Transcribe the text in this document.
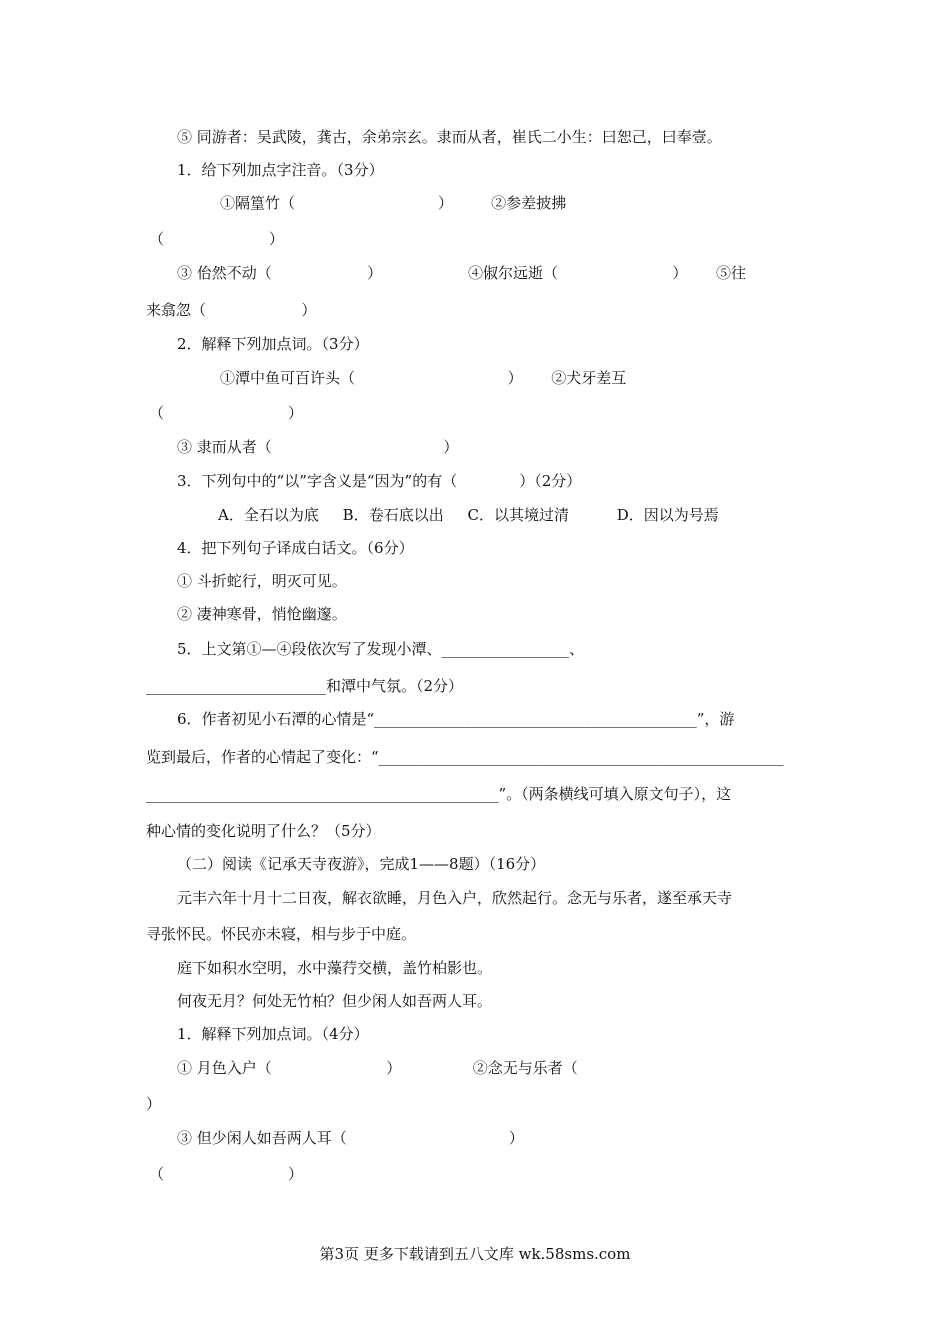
⑤ 同游者：吴武陵，龚古，余弟宗玄。隶而从者，崔氏二小生：曰恕己，曰奉壹。
1．给下列加点字注音。（3分）
①隔篁竹（                              ）        ②参差披拂
（                      ）
③ 佁然不动（                    ）                  ④俶尔远逝（                        ）      ⑤往
来翕忽（                    ）
2．解释下列加点词。（3分）
①潭中鱼可百许头（                                ）      ②犬牙差互
（                          ）
③ 隶而从者（                                    ）
3．下列句中的“以”字含义是“因为”的有（             ）（2分）
A．全石以为底     B．卷石底以出     C．以其境过清          D．因以为号焉
4．把下列句子译成白话文。（6分）
① 斗折蛇行，明灭可见。
② 凄神寒骨，悄怆幽邃。
5．上文第①—④段依次写了发现小潭、_________________、
________________________和潭中气氛。（2分）
6．作者初见小石潭的心情是“___________________________________________”，游
览到最后，作者的心情起了变化：“______________________________________________________
_______________________________________________”。（两条横线可填入原文句子），这
种心情的变化说明了什么？（5分）
（二）阅读《记承天寺夜游》，完成1——8题）（16分）
元丰六年十月十二日夜，解衣欲睡，月色入户，欣然起行。念无与乐者，遂至承天寺
寻张怀民。怀民亦未寝，相与步于中庭。
庭下如积水空明，水中藻荇交横，盖竹柏影也。
何夜无月？何处无竹柏？但少闲人如吾两人耳。
1．解释下列加点词。（4分）
① 月色入户（                        ）               ②念无与乐者（
）
③ 但少闲人如吾两人耳（                                  ）
（                          ）
第3页 更多下载请到五八文库 wk.58sms.com
